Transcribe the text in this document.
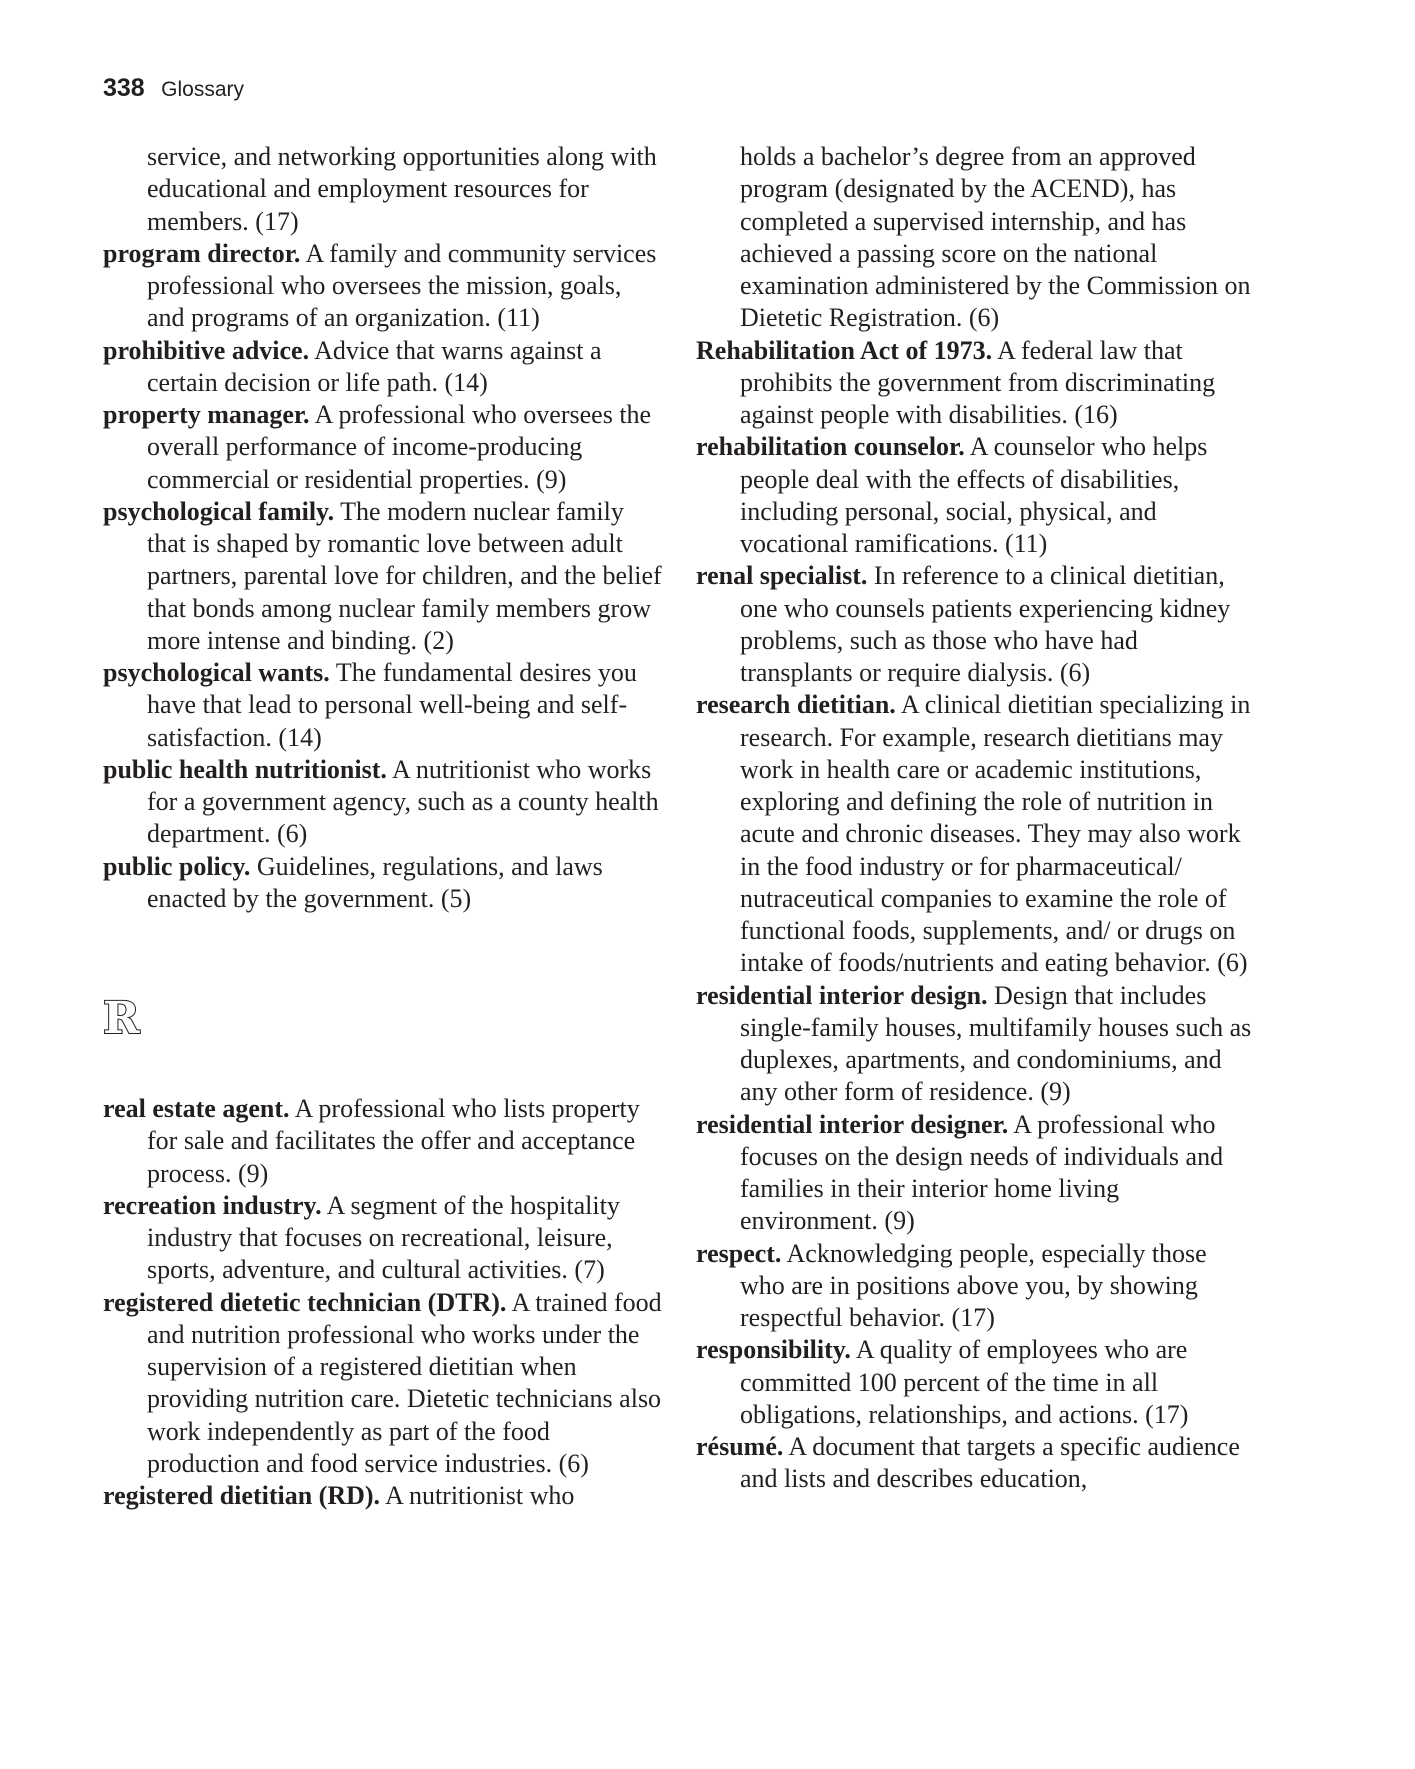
338 Glossary
service, and networking opportunities along with educational and employment resources for members. (17)
program director. A family and community services professional who oversees the mission, goals, and programs of an organization. (11)
prohibitive advice. Advice that warns against a certain decision or life path. (14)
property manager. A professional who oversees the overall performance of income-producing commercial or residential properties. (9)
psychological family. The modern nuclear family that is shaped by romantic love between adult partners, parental love for children, and the belief that bonds among nuclear family members grow more intense and binding. (2)
psychological wants. The fundamental desires you have that lead to personal well-being and self-satisfaction. (14)
public health nutritionist. A nutritionist who works for a government agency, such as a county health department. (6)
public policy. Guidelines, regulations, and laws enacted by the government. (5)
R
real estate agent. A professional who lists property for sale and facilitates the offer and acceptance process. (9)
recreation industry. A segment of the hospitality industry that focuses on recreational, leisure, sports, adventure, and cultural activities. (7)
registered dietetic technician (DTR). A trained food and nutrition professional who works under the supervision of a registered dietitian when providing nutrition care. Dietetic technicians also work independently as part of the food production and food service industries. (6)
registered dietitian (RD). A nutritionist who
holds a bachelor’s degree from an approved program (designated by the ACEND), has completed a supervised internship, and has achieved a passing score on the national examination administered by the Commission on Dietetic Registration. (6)
Rehabilitation Act of 1973. A federal law that prohibits the government from discriminating against people with disabilities. (16)
rehabilitation counselor. A counselor who helps people deal with the effects of disabilities, including personal, social, physical, and vocational ramifications. (11)
renal specialist. In reference to a clinical dietitian, one who counsels patients experiencing kidney problems, such as those who have had transplants or require dialysis. (6)
research dietitian. A clinical dietitian specializing in research. For example, research dietitians may work in health care or academic institutions, exploring and defining the role of nutrition in acute and chronic diseases. They may also work in the food industry or for pharmaceutical/ nutraceutical companies to examine the role of functional foods, supplements, and/ or drugs on intake of foods/nutrients and eating behavior. (6)
residential interior design. Design that includes single-family houses, multifamily houses such as duplexes, apartments, and condominiums, and any other form of residence. (9)
residential interior designer. A professional who focuses on the design needs of individuals and families in their interior home living environment. (9)
respect. Acknowledging people, especially those who are in positions above you, by showing respectful behavior. (17)
responsibility. A quality of employees who are committed 100 percent of the time in all obligations, relationships, and actions. (17)
résumé. A document that targets a specific audience and lists and describes education,
